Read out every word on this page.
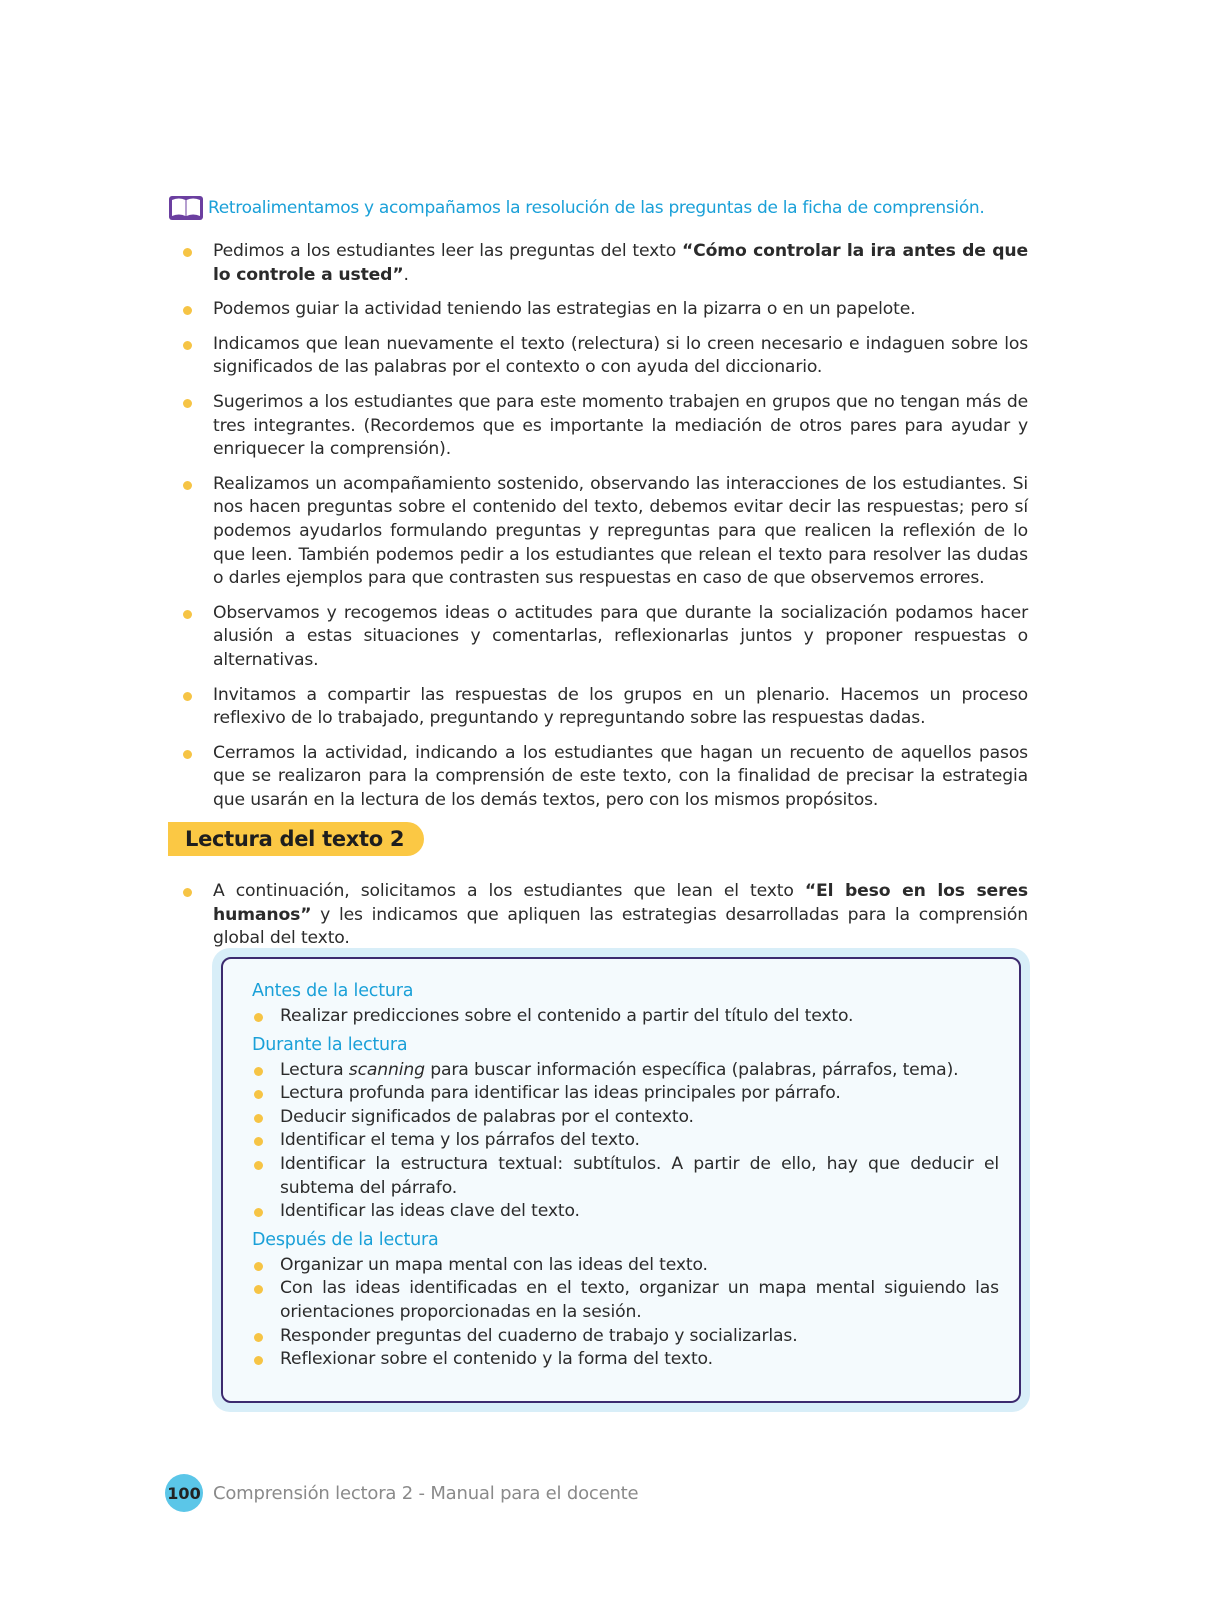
Retroalimentamos y acompañamos la resolución de las preguntas de la ficha de comprensión.
Pedimos a los estudiantes leer las preguntas del texto “Cómo controlar la ira antes de que lo controle a usted”.
Podemos guiar la actividad teniendo las estrategias en la pizarra o en un papelote.
Indicamos que lean nuevamente el texto (relectura) si lo creen necesario e indaguen sobre los significados de las palabras por el contexto o con ayuda del diccionario.
Sugerimos a los estudiantes que para este momento trabajen en grupos que no tengan más de tres integrantes. (Recordemos que es importante la mediación de otros pares para ayudar y enriquecer la comprensión).
Realizamos un acompañamiento sostenido, observando las interacciones de los estudiantes. Si nos hacen preguntas sobre el contenido del texto, debemos evitar decir las respuestas; pero sí podemos ayudarlos formulando preguntas y repreguntas para que realicen la reflexión de lo que leen. También podemos pedir a los estudiantes que relean el texto para resolver las dudas o darles ejemplos para que contrasten sus respuestas en caso de que observemos errores.
Observamos y recogemos ideas o actitudes para que durante la socialización podamos hacer alusión a estas situaciones y comentarlas, reflexionarlas juntos y proponer respuestas o alternativas.
Invitamos a compartir las respuestas de los grupos en un plenario. Hacemos un proceso reflexivo de lo trabajado, preguntando y repreguntando sobre las respuestas dadas.
Cerramos la actividad, indicando a los estudiantes que hagan un recuento de aquellos pasos que se realizaron para la comprensión de este texto, con la finalidad de precisar la estrategia que usarán en la lectura de los demás textos, pero con los mismos propósitos.
Lectura del texto 2
A continuación, solicitamos a los estudiantes que lean el texto “El beso en los seres humanos” y les indicamos que apliquen las estrategias desarrolladas para la comprensión global del texto.
Antes de la lectura
Realizar predicciones sobre el contenido a partir del título del texto.
Durante la lectura
Lectura scanning para buscar información específica (palabras, párrafos, tema).
Lectura profunda para identificar las ideas principales por párrafo.
Deducir significados de palabras por el contexto.
Identificar el tema y los párrafos del texto.
Identificar la estructura textual: subtítulos. A partir de ello, hay que deducir el subtema del párrafo.
Identificar las ideas clave del texto.
Después de la lectura
Organizar un mapa mental con las ideas del texto.
Con las ideas identificadas en el texto, organizar un mapa mental siguiendo las orientaciones proporcionadas en la sesión.
Responder preguntas del cuaderno de trabajo y socializarlas.
Reflexionar sobre el contenido y la forma del texto.
100 Comprensión lectora 2 - Manual para el docente
